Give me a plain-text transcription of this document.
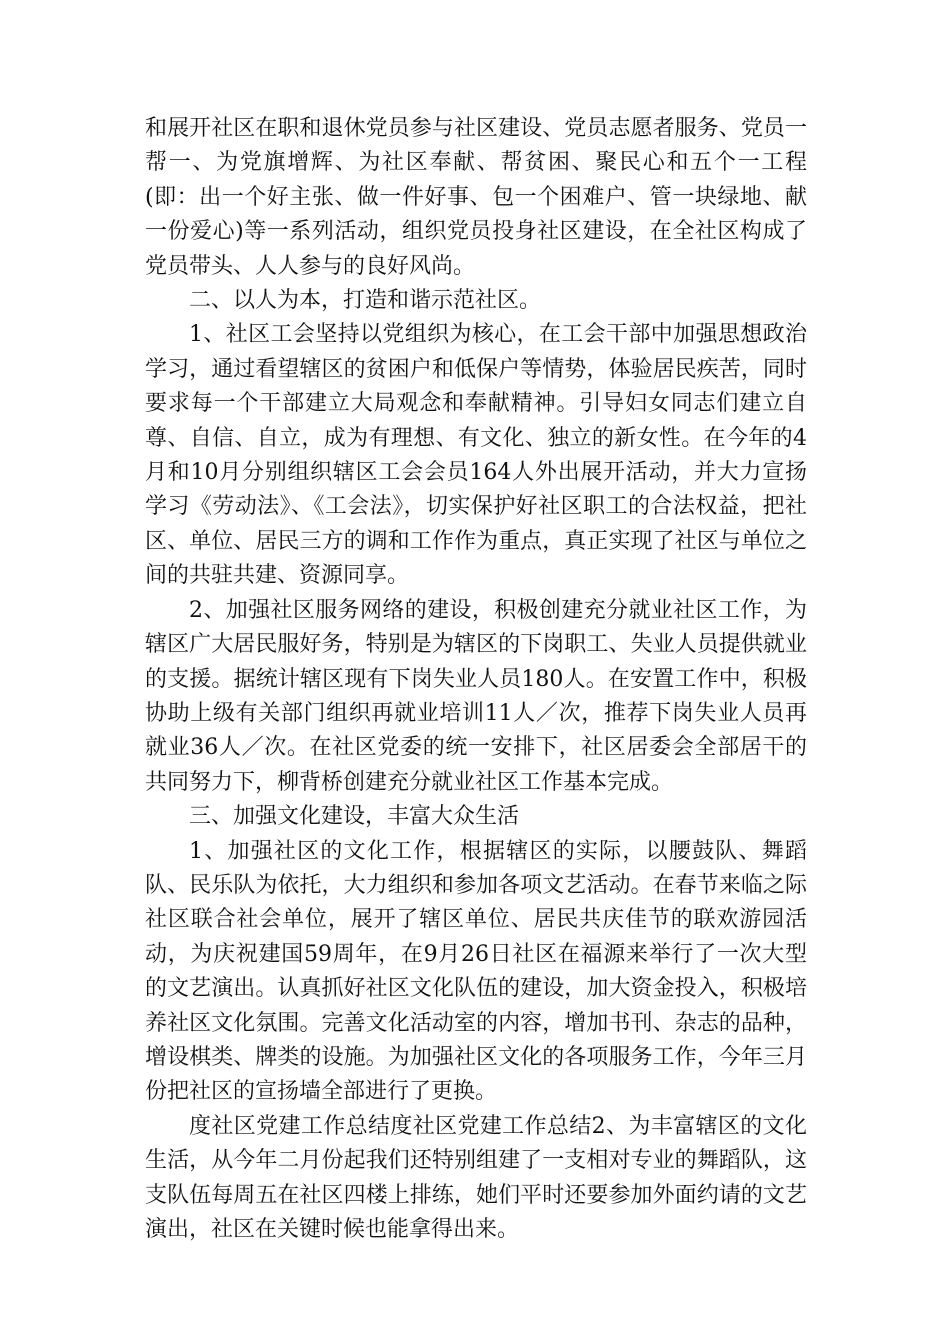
和展开社区在职和退休党员参与社区建设、党员志愿者服务、党员一帮一、为党旗增辉、为社区奉献、帮贫困、聚民心和五个一工程(即：出一个好主张、做一件好事、包一个困难户、管一块绿地、献一份爱心)等一系列活动，组织党员投身社区建设，在全社区构成了党员带头、人人参与的良好风尚。

二、以人为本，打造和谐示范社区。

1、社区工会坚持以党组织为核心，在工会干部中加强思想政治学习，通过看望辖区的贫困户和低保户等情势，体验居民疾苦，同时要求每一个干部建立大局观念和奉献精神。引导妇女同志们建立自尊、自信、自立，成为有理想、有文化、独立的新女性。在今年的4月和10月分别组织辖区工会会员164人外出展开活动，并大力宣扬学习《劳动法》、《工会法》，切实保护好社区职工的合法权益，把社区、单位、居民三方的调和工作作为重点，真正实现了社区与单位之间的共驻共建、资源同享。

2、加强社区服务网络的建设，积极创建充分就业社区工作，为辖区广大居民服好务，特别是为辖区的下岗职工、失业人员提供就业的支援。据统计辖区现有下岗失业人员180人。在安置工作中，积极协助上级有关部门组织再就业培训11人／次，推荐下岗失业人员再就业36人／次。在社区党委的统一安排下，社区居委会全部居干的共同努力下，柳背桥创建充分就业社区工作基本完成。

三、加强文化建设，丰富大众生活

1、加强社区的文化工作，根据辖区的实际，以腰鼓队、舞蹈队、民乐队为依托，大力组织和参加各项文艺活动。在春节来临之际社区联合社会单位，展开了辖区单位、居民共庆佳节的联欢游园活动，为庆祝建国59周年，在9月26日社区在福源来举行了一次大型的文艺演出。认真抓好社区文化队伍的建设，加大资金投入，积极培养社区文化氛围。完善文化活动室的内容，增加书刊、杂志的品种，增设棋类、牌类的设施。为加强社区文化的各项服务工作，今年三月份把社区的宣扬墙全部进行了更换。

度社区党建工作总结度社区党建工作总结2、为丰富辖区的文化生活，从今年二月份起我们还特别组建了一支相对专业的舞蹈队，这支队伍每周五在社区四楼上排练，她们平时还要参加外面约请的文艺演出，社区在关键时候也能拿得出来。
